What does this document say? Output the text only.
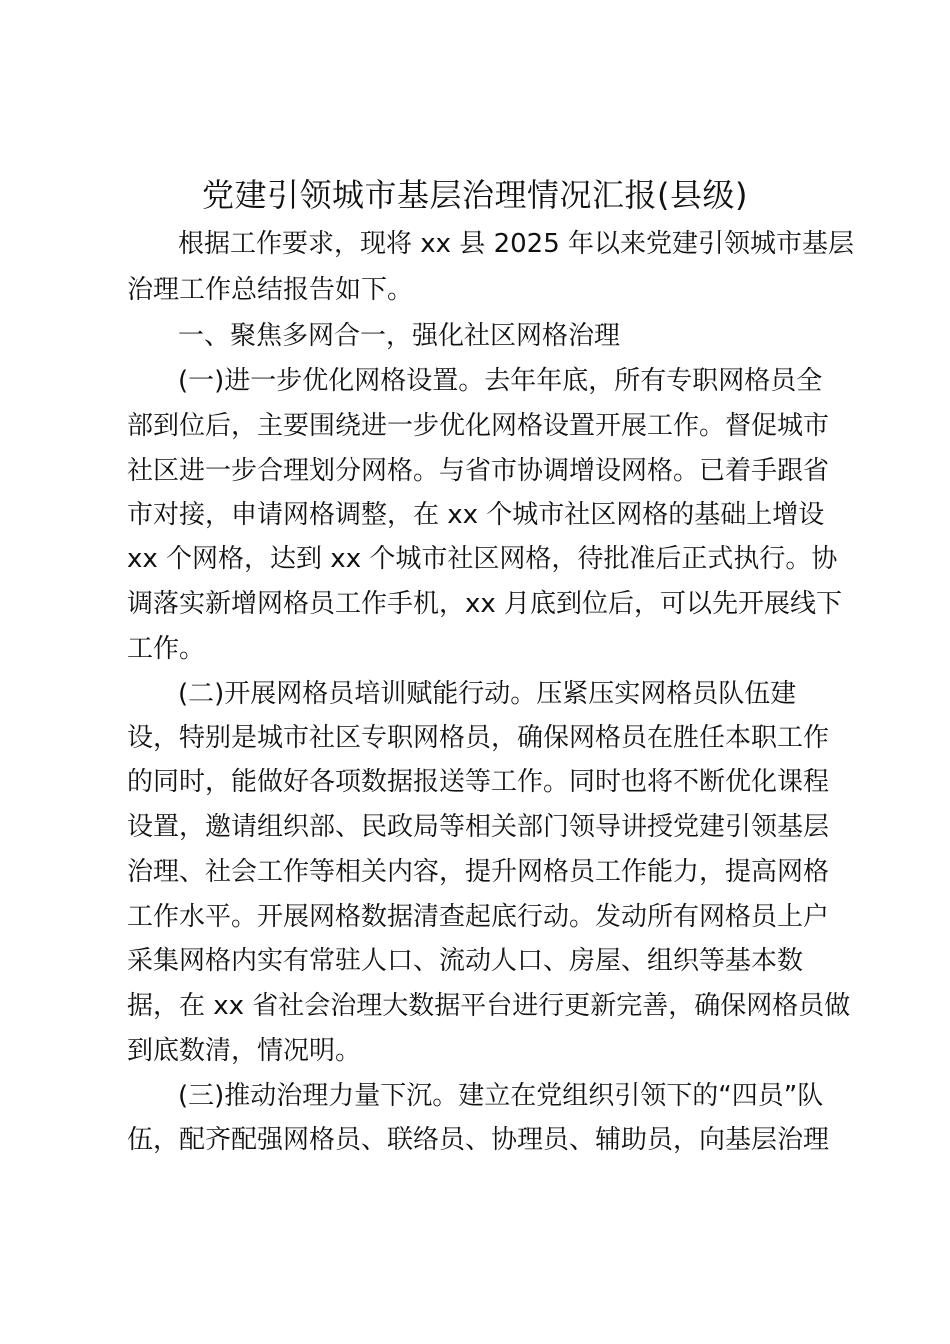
党建引领城市基层治理情况汇报(县级)
根据工作要求，现将 xx 县 2025 年以来党建引领城市基层
治理工作总结报告如下。
一、聚焦多网合一，强化社区网格治理
(一)进一步优化网格设置。去年年底，所有专职网格员全
部到位后，主要围绕进一步优化网格设置开展工作。督促城市
社区进一步合理划分网格。与省市协调增设网格。已着手跟省
市对接，申请网格调整，在 xx 个城市社区网格的基础上增设
xx 个网格，达到 xx 个城市社区网格，待批准后正式执行。协
调落实新增网格员工作手机，xx 月底到位后，可以先开展线下
工作。
(二)开展网格员培训赋能行动。压紧压实网格员队伍建
设，特别是城市社区专职网格员，确保网格员在胜任本职工作
的同时，能做好各项数据报送等工作。同时也将不断优化课程
设置，邀请组织部、民政局等相关部门领导讲授党建引领基层
治理、社会工作等相关内容，提升网格员工作能力，提高网格
工作水平。开展网格数据清查起底行动。发动所有网格员上户
采集网格内实有常驻人口、流动人口、房屋、组织等基本数
据，在 xx 省社会治理大数据平台进行更新完善，确保网格员做
到底数清，情况明。
(三)推动治理力量下沉。建立在党组织引领下的“四员”队
伍，配齐配强网格员、联络员、协理员、辅助员，向基层治理
